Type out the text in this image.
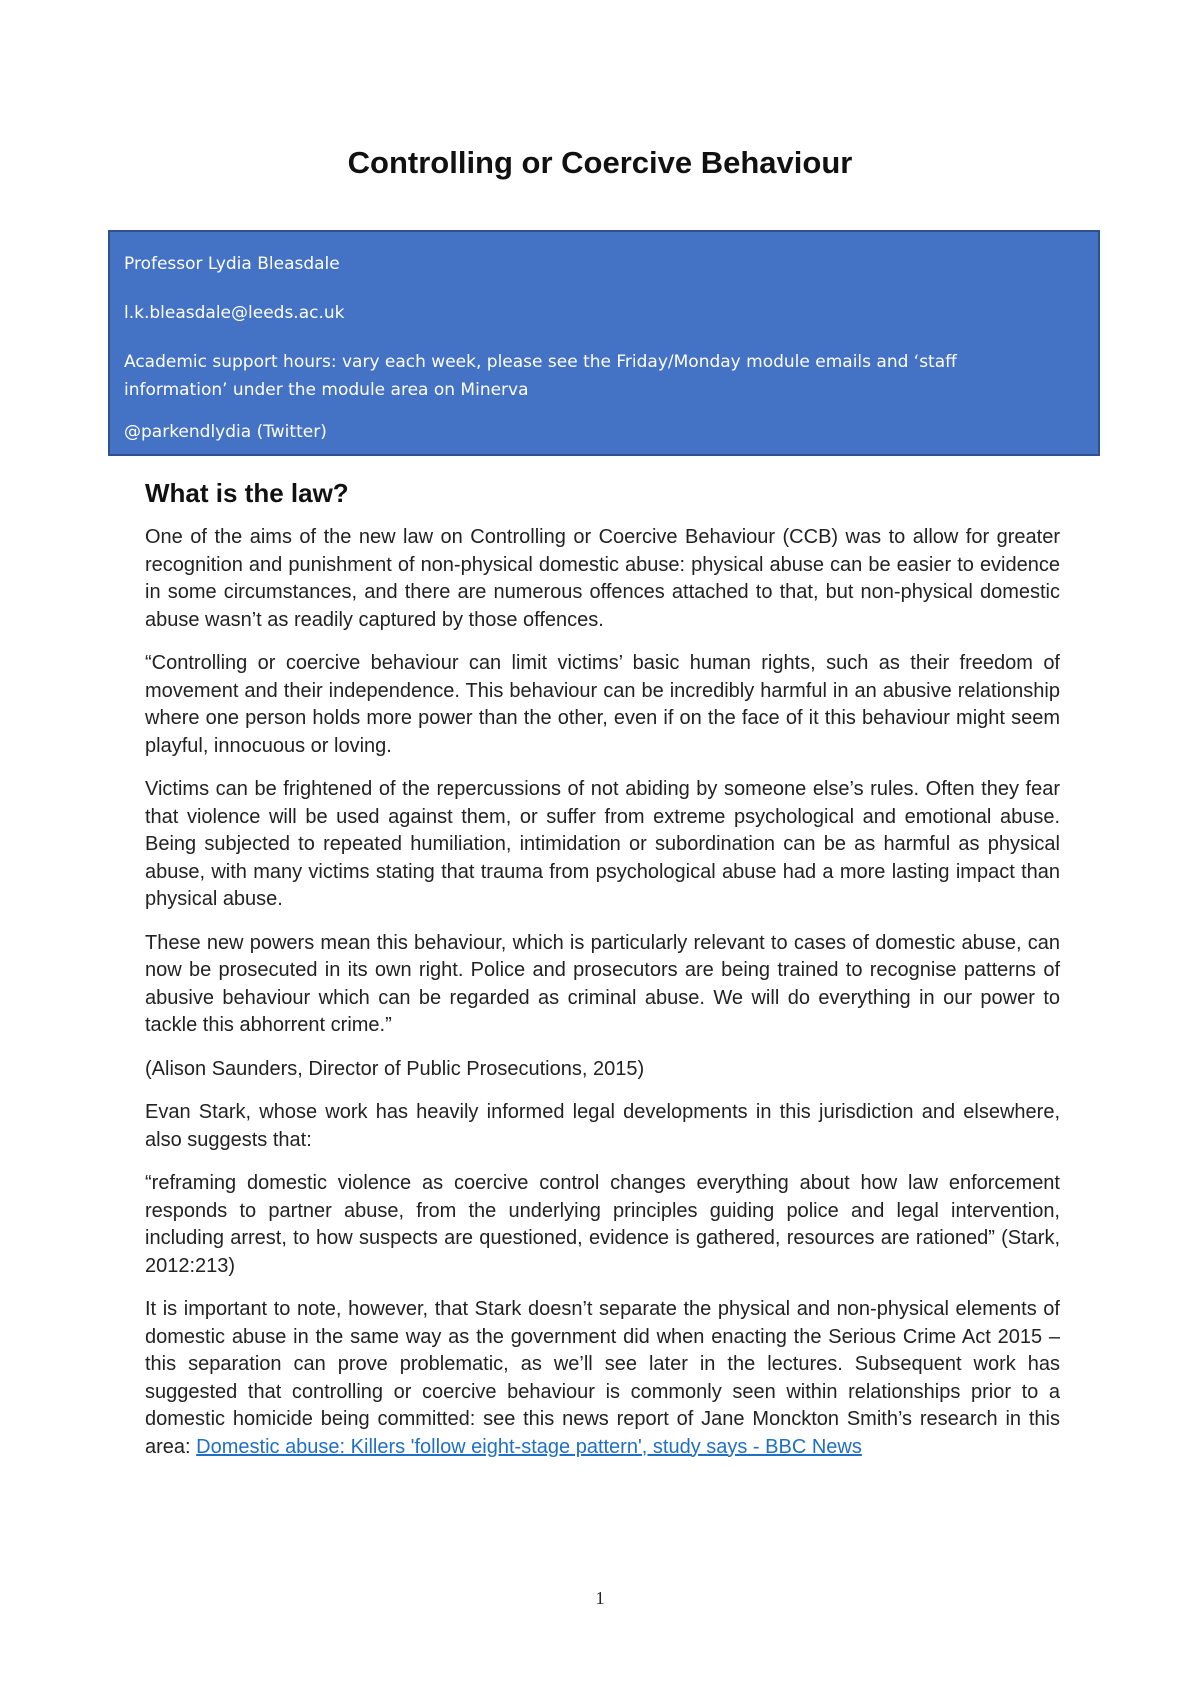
Controlling or Coercive Behaviour

Professor Lydia Bleasdale

l.k.bleasdale@leeds.ac.uk

Academic support hours: vary each week, please see the Friday/Monday module emails and ‘staff information’ under the module area on Minerva

@parkendlydia (Twitter)

What is the law?

One of the aims of the new law on Controlling or Coercive Behaviour (CCB) was to allow for greater recognition and punishment of non-physical domestic abuse: physical abuse can be easier to evidence in some circumstances, and there are numerous offences attached to that, but non-physical domestic abuse wasn’t as readily captured by those offences.

“Controlling or coercive behaviour can limit victims’ basic human rights, such as their freedom of movement and their independence. This behaviour can be incredibly harmful in an abusive relationship where one person holds more power than the other, even if on the face of it this behaviour might seem playful, innocuous or loving.

Victims can be frightened of the repercussions of not abiding by someone else’s rules. Often they fear that violence will be used against them, or suffer from extreme psychological and emotional abuse. Being subjected to repeated humiliation, intimidation or subordination can be as harmful as physical abuse, with many victims stating that trauma from psychological abuse had a more lasting impact than physical abuse.

These new powers mean this behaviour, which is particularly relevant to cases of domestic abuse, can now be prosecuted in its own right. Police and prosecutors are being trained to recognise patterns of abusive behaviour which can be regarded as criminal abuse. We will do everything in our power to tackle this abhorrent crime.”

(Alison Saunders, Director of Public Prosecutions, 2015)

Evan Stark, whose work has heavily informed legal developments in this jurisdiction and elsewhere, also suggests that:

“reframing domestic violence as coercive control changes everything about how law enforcement responds to partner abuse, from the underlying principles guiding police and legal intervention, including arrest, to how suspects are questioned, evidence is gathered, resources are rationed” (Stark, 2012:213)

It is important to note, however, that Stark doesn’t separate the physical and non-physical elements of domestic abuse in the same way as the government did when enacting the Serious Crime Act 2015 – this separation can prove problematic, as we’ll see later in the lectures. Subsequent work has suggested that controlling or coercive behaviour is commonly seen within relationships prior to a domestic homicide being committed: see this news report of Jane Monckton Smith’s research in this area: Domestic abuse: Killers 'follow eight-stage pattern', study says - BBC News

1
